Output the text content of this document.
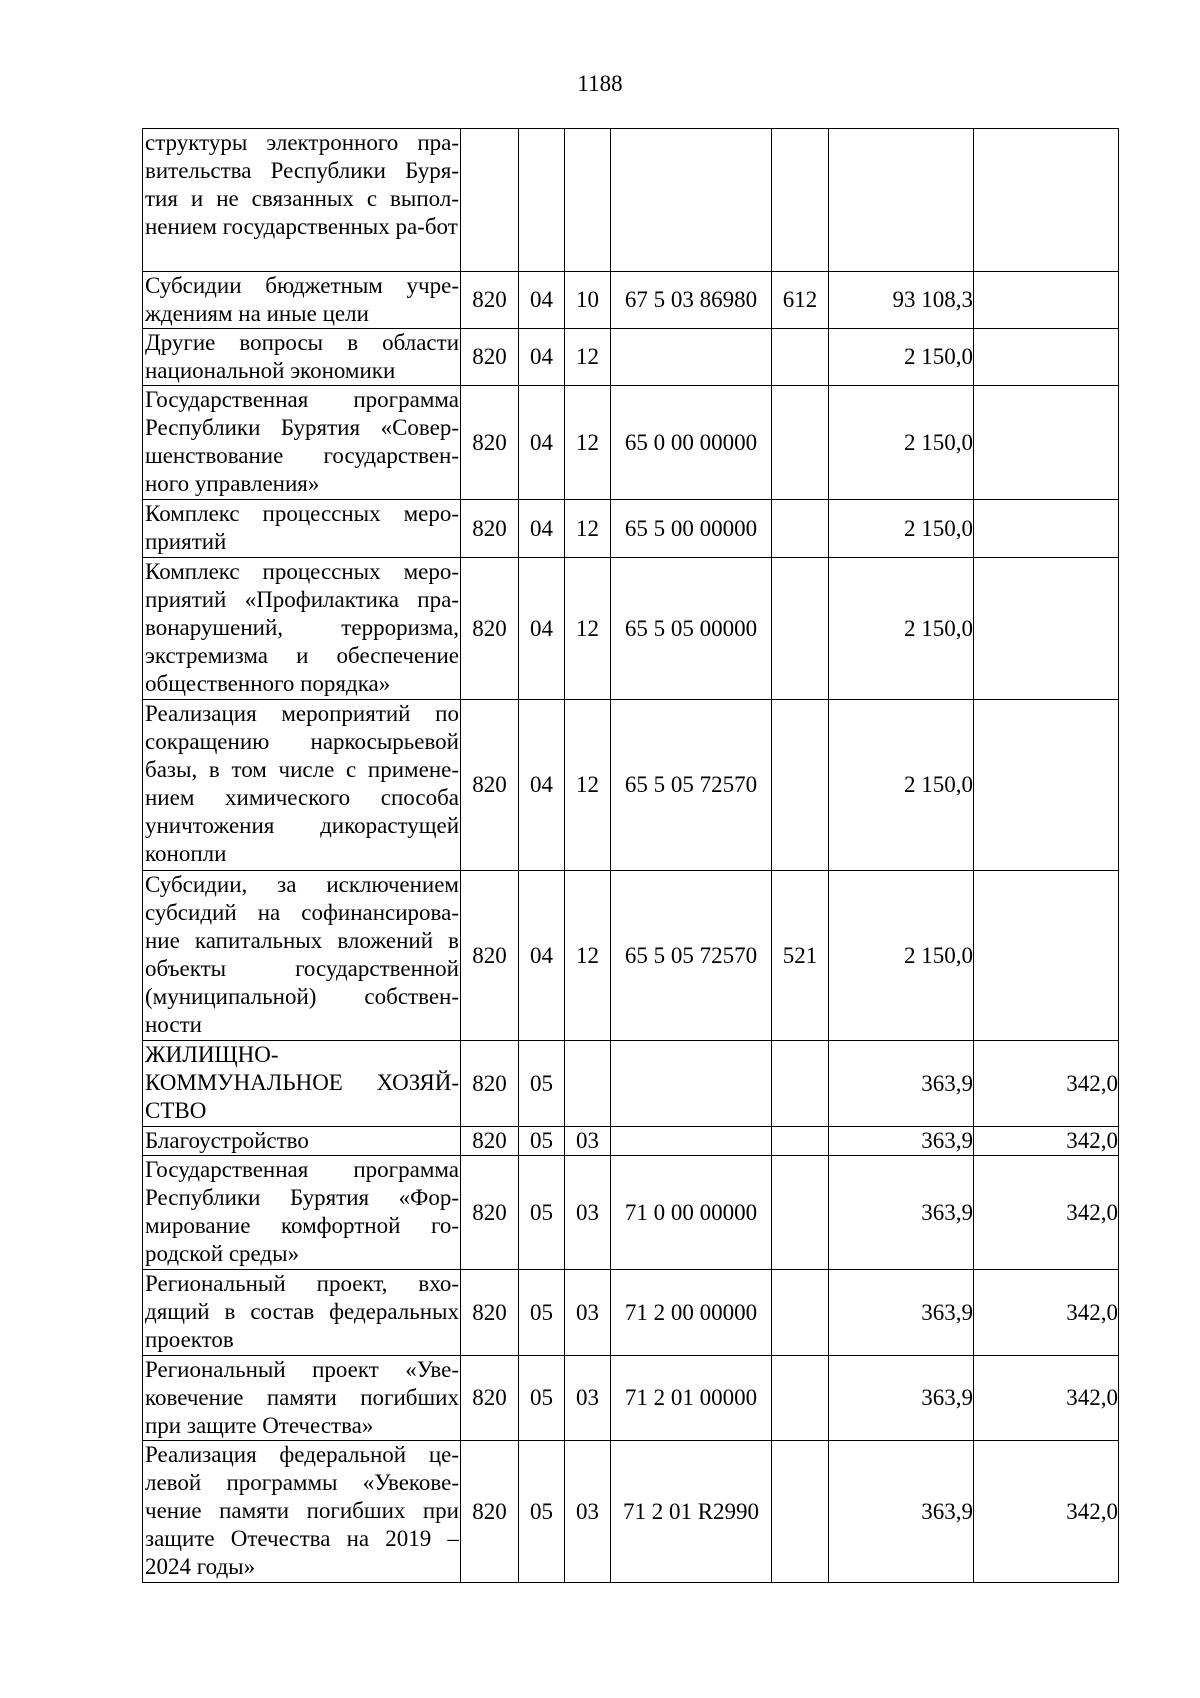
1188
структуры электронного пра-вительства Республики Буря-тия и не связанных с выпол-нением государственных ра-бот							
Субсидии бюджетным учре-ждениям на иные цели	820	04	10	67 5 03 86980	612	93 108,3	
Другие вопросы в области национальной экономики	820	04	12			2 150,0	
Государственная программа Республики Бурятия «Совер-шенствование государствен-ного управления»	820	04	12	65 0 00 00000		2 150,0	
Комплекс процессных меро-приятий	820	04	12	65 5 00 00000		2 150,0	
Комплекс процессных меро-приятий «Профилактика пра-вонарушений, терроризма, экстремизма и обеспечение общественного порядка»	820	04	12	65 5 05 00000		2 150,0	
Реализация мероприятий по сокращению наркосырьевой базы, в том числе с примене-нием химического способа уничтожения дикорастущей конопли	820	04	12	65 5 05 72570		2 150,0	
Субсидии, за исключением субсидий на софинансирова-ние капитальных вложений в объекты государственной (муниципальной) собствен-ности	820	04	12	65 5 05 72570	521	2 150,0	
ЖИЛИЩНО-КОММУНАЛЬНОЕ ХОЗЯЙ-СТВО	820	05				363,9	342,0
Благоустройство	820	05	03			363,9	342,0
Государственная программа Республики Бурятия «Фор-мирование комфортной го-родской среды»	820	05	03	71 0 00 00000		363,9	342,0
Региональный проект, вхо-дящий в состав федеральных проектов	820	05	03	71 2 00 00000		363,9	342,0
Региональный проект «Уве-ковечение памяти погибших при защите Отечества»	820	05	03	71 2 01 00000		363,9	342,0
Реализация федеральной це-левой программы «Увекове-чение памяти погибших при защите Отечества на 2019 – 2024 годы»	820	05	03	71 2 01 R2990		363,9	342,0
